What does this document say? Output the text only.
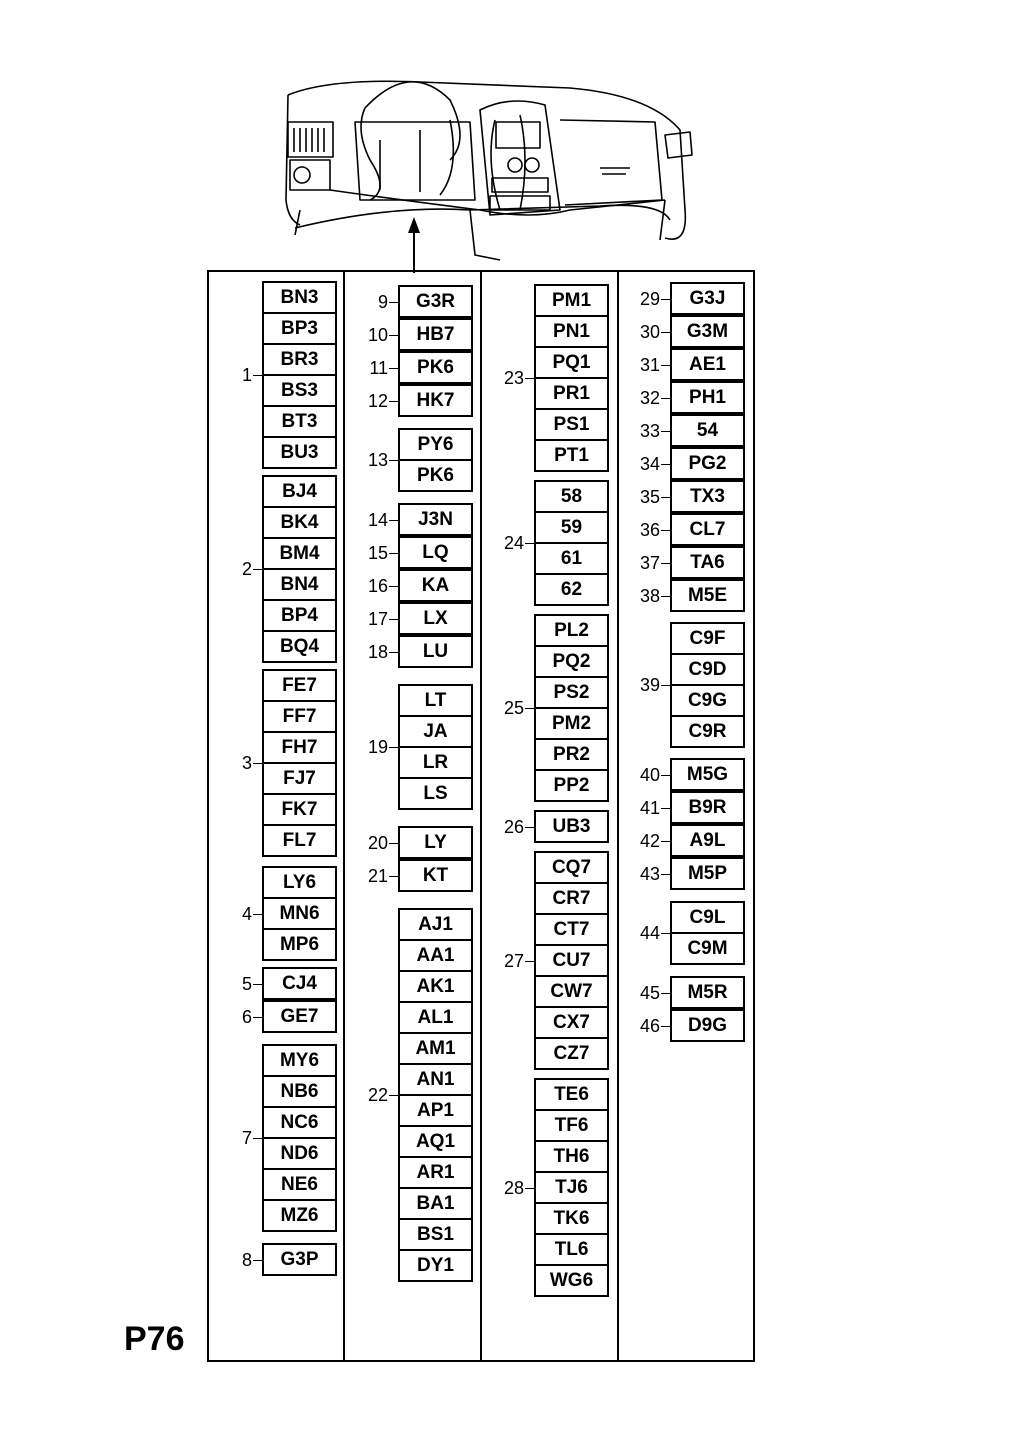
BN3
BP3
BR3
BS3
BT3
BU3
1
BJ4
BK4
BM4
BN4
BP4
BQ4
2
FE7
FF7
FH7
FJ7
FK7
FL7
3
LY6
MN6
MP6
4
CJ4
5
GE7
6
MY6
NB6
NC6
ND6
NE6
MZ6
7
G3P
8
G3R
9
HB7
10
PK6
11
HK7
12
PY6
PK6
13
J3N
14
LQ
15
KA
16
LX
17
LU
18
LT
JA
LR
LS
19
LY
20
KT
21
AJ1
AA1
AK1
AL1
AM1
AN1
AP1
AQ1
AR1
BA1
BS1
DY1
22
PM1
PN1
PQ1
PR1
PS1
PT1
23
58
59
61
62
24
PL2
PQ2
PS2
PM2
PR2
PP2
25
UB3
26
CQ7
CR7
CT7
CU7
CW7
CX7
CZ7
27
TE6
TF6
TH6
TJ6
TK6
TL6
WG6
28
G3J
29
G3M
30
AE1
31
PH1
32
54
33
PG2
34
TX3
35
CL7
36
TA6
37
M5E
38
C9F
C9D
C9G
C9R
39
M5G
40
B9R
41
A9L
42
M5P
43
C9L
C9M
44
M5R
45
D9G
46
P76
